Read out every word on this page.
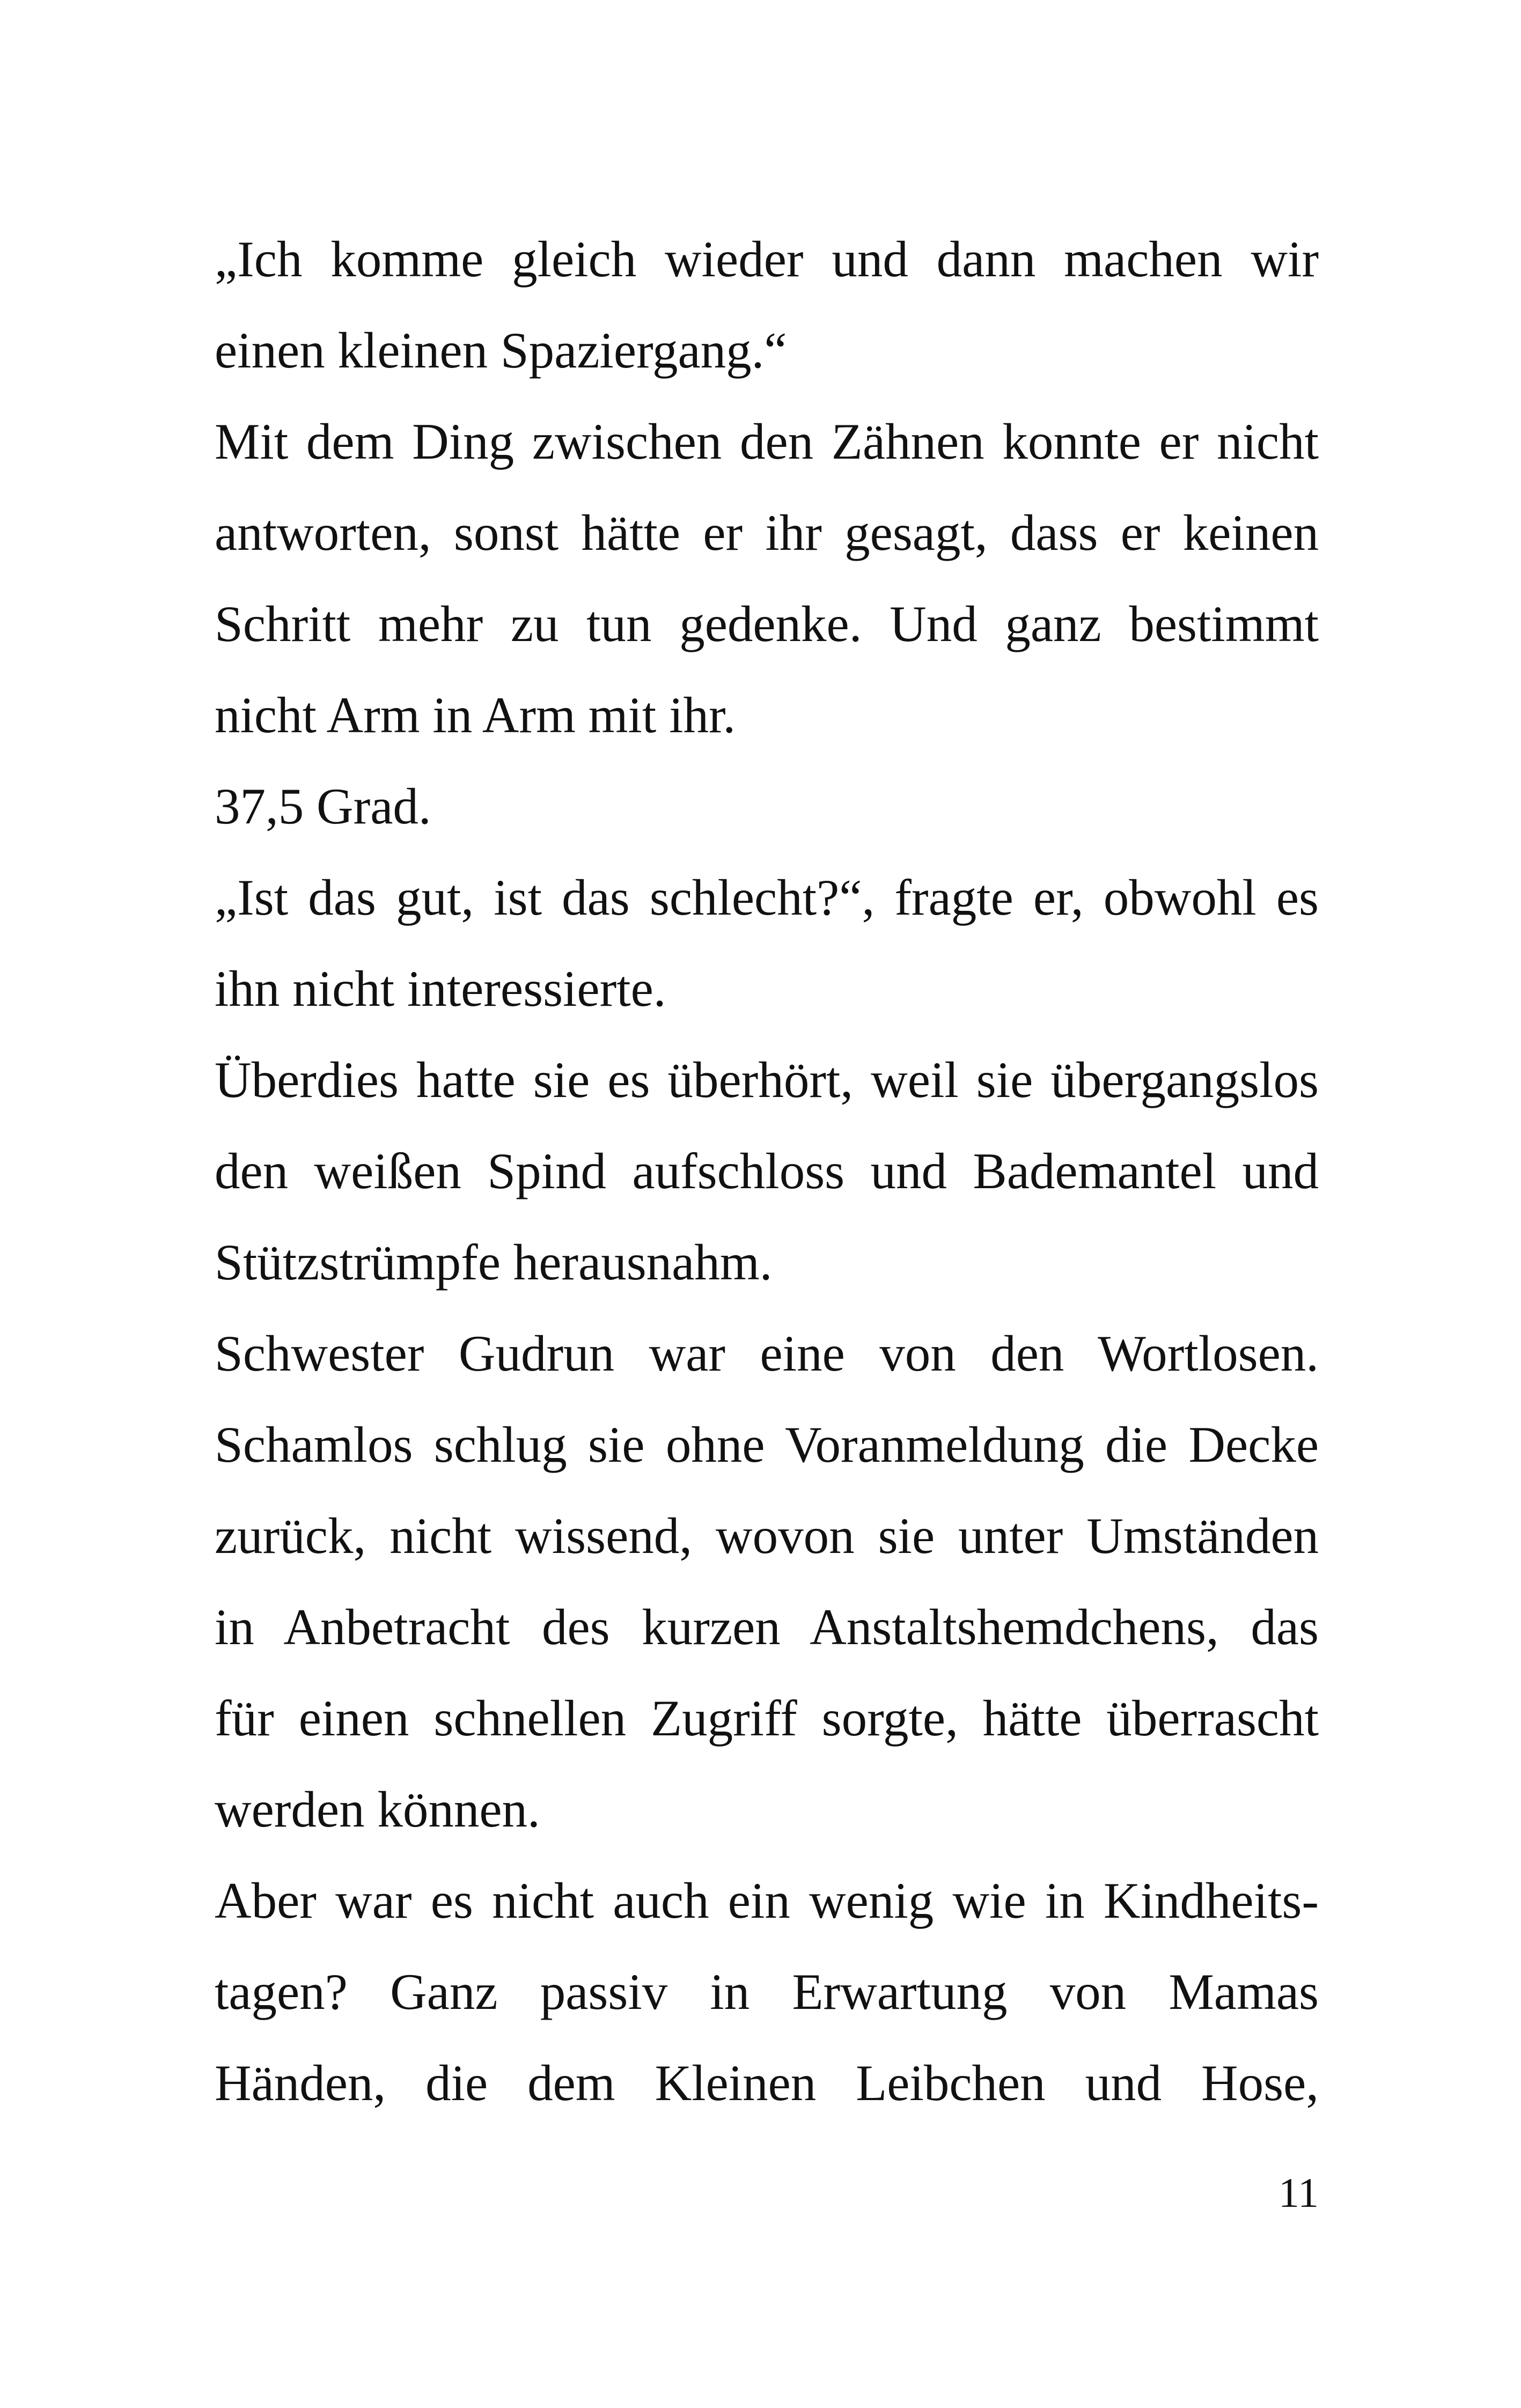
„Ich komme gleich wieder und dann machen wir
einen kleinen Spaziergang.“
Mit dem Ding zwischen den Zähnen konnte er nicht
antworten, sonst hätte er ihr gesagt, dass er keinen
Schritt mehr zu tun gedenke. Und ganz bestimmt
nicht Arm in Arm mit ihr.
37,5 Grad.
„Ist das gut, ist das schlecht?“, fragte er, obwohl es
ihn nicht interessierte.
Überdies hatte sie es überhört, weil sie übergangslos
den weißen Spind aufschloss und Bademantel und
Stützstrümpfe herausnahm.
Schwester Gudrun war eine von den Wortlosen.
Schamlos schlug sie ohne Voranmeldung die Decke
zurück, nicht wissend, wovon sie unter Umständen
in Anbetracht des kurzen Anstaltshemdchens, das
für einen schnellen Zugriff sorgte, hätte überrascht
werden können.
Aber war es nicht auch ein wenig wie in Kindheits-
tagen? Ganz passiv in Erwartung von Mamas
Händen, die dem Kleinen Leibchen und Hose,
11
